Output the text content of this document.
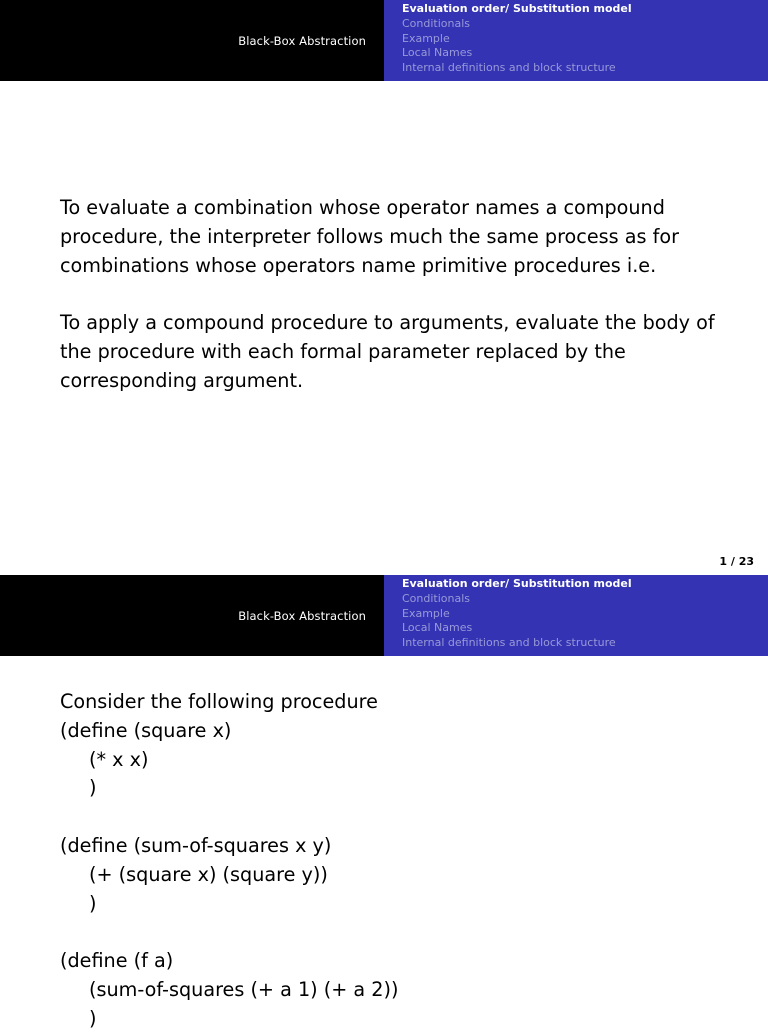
Black-Box Abstraction
Evaluation order/ Substitution model
Conditionals
Example
Local Names
Internal definitions and block structure

To evaluate a combination whose operator names a compound procedure, the interpreter follows much the same process as for combinations whose operators name primitive procedures i.e.

To apply a compound procedure to arguments, evaluate the body of the procedure with each formal parameter replaced by the corresponding argument.

1 / 23
Black-Box Abstraction
Evaluation order/ Substitution model
Conditionals
Example
Local Names
Internal definitions and block structure
Consider the following procedure
(define (square x)
(* x x)
)
(define (sum-of-squares x y)
(+ (square x) (square y))
)
(define (f a)
(sum-of-squares (+ a 1) (+ a 2))
)
